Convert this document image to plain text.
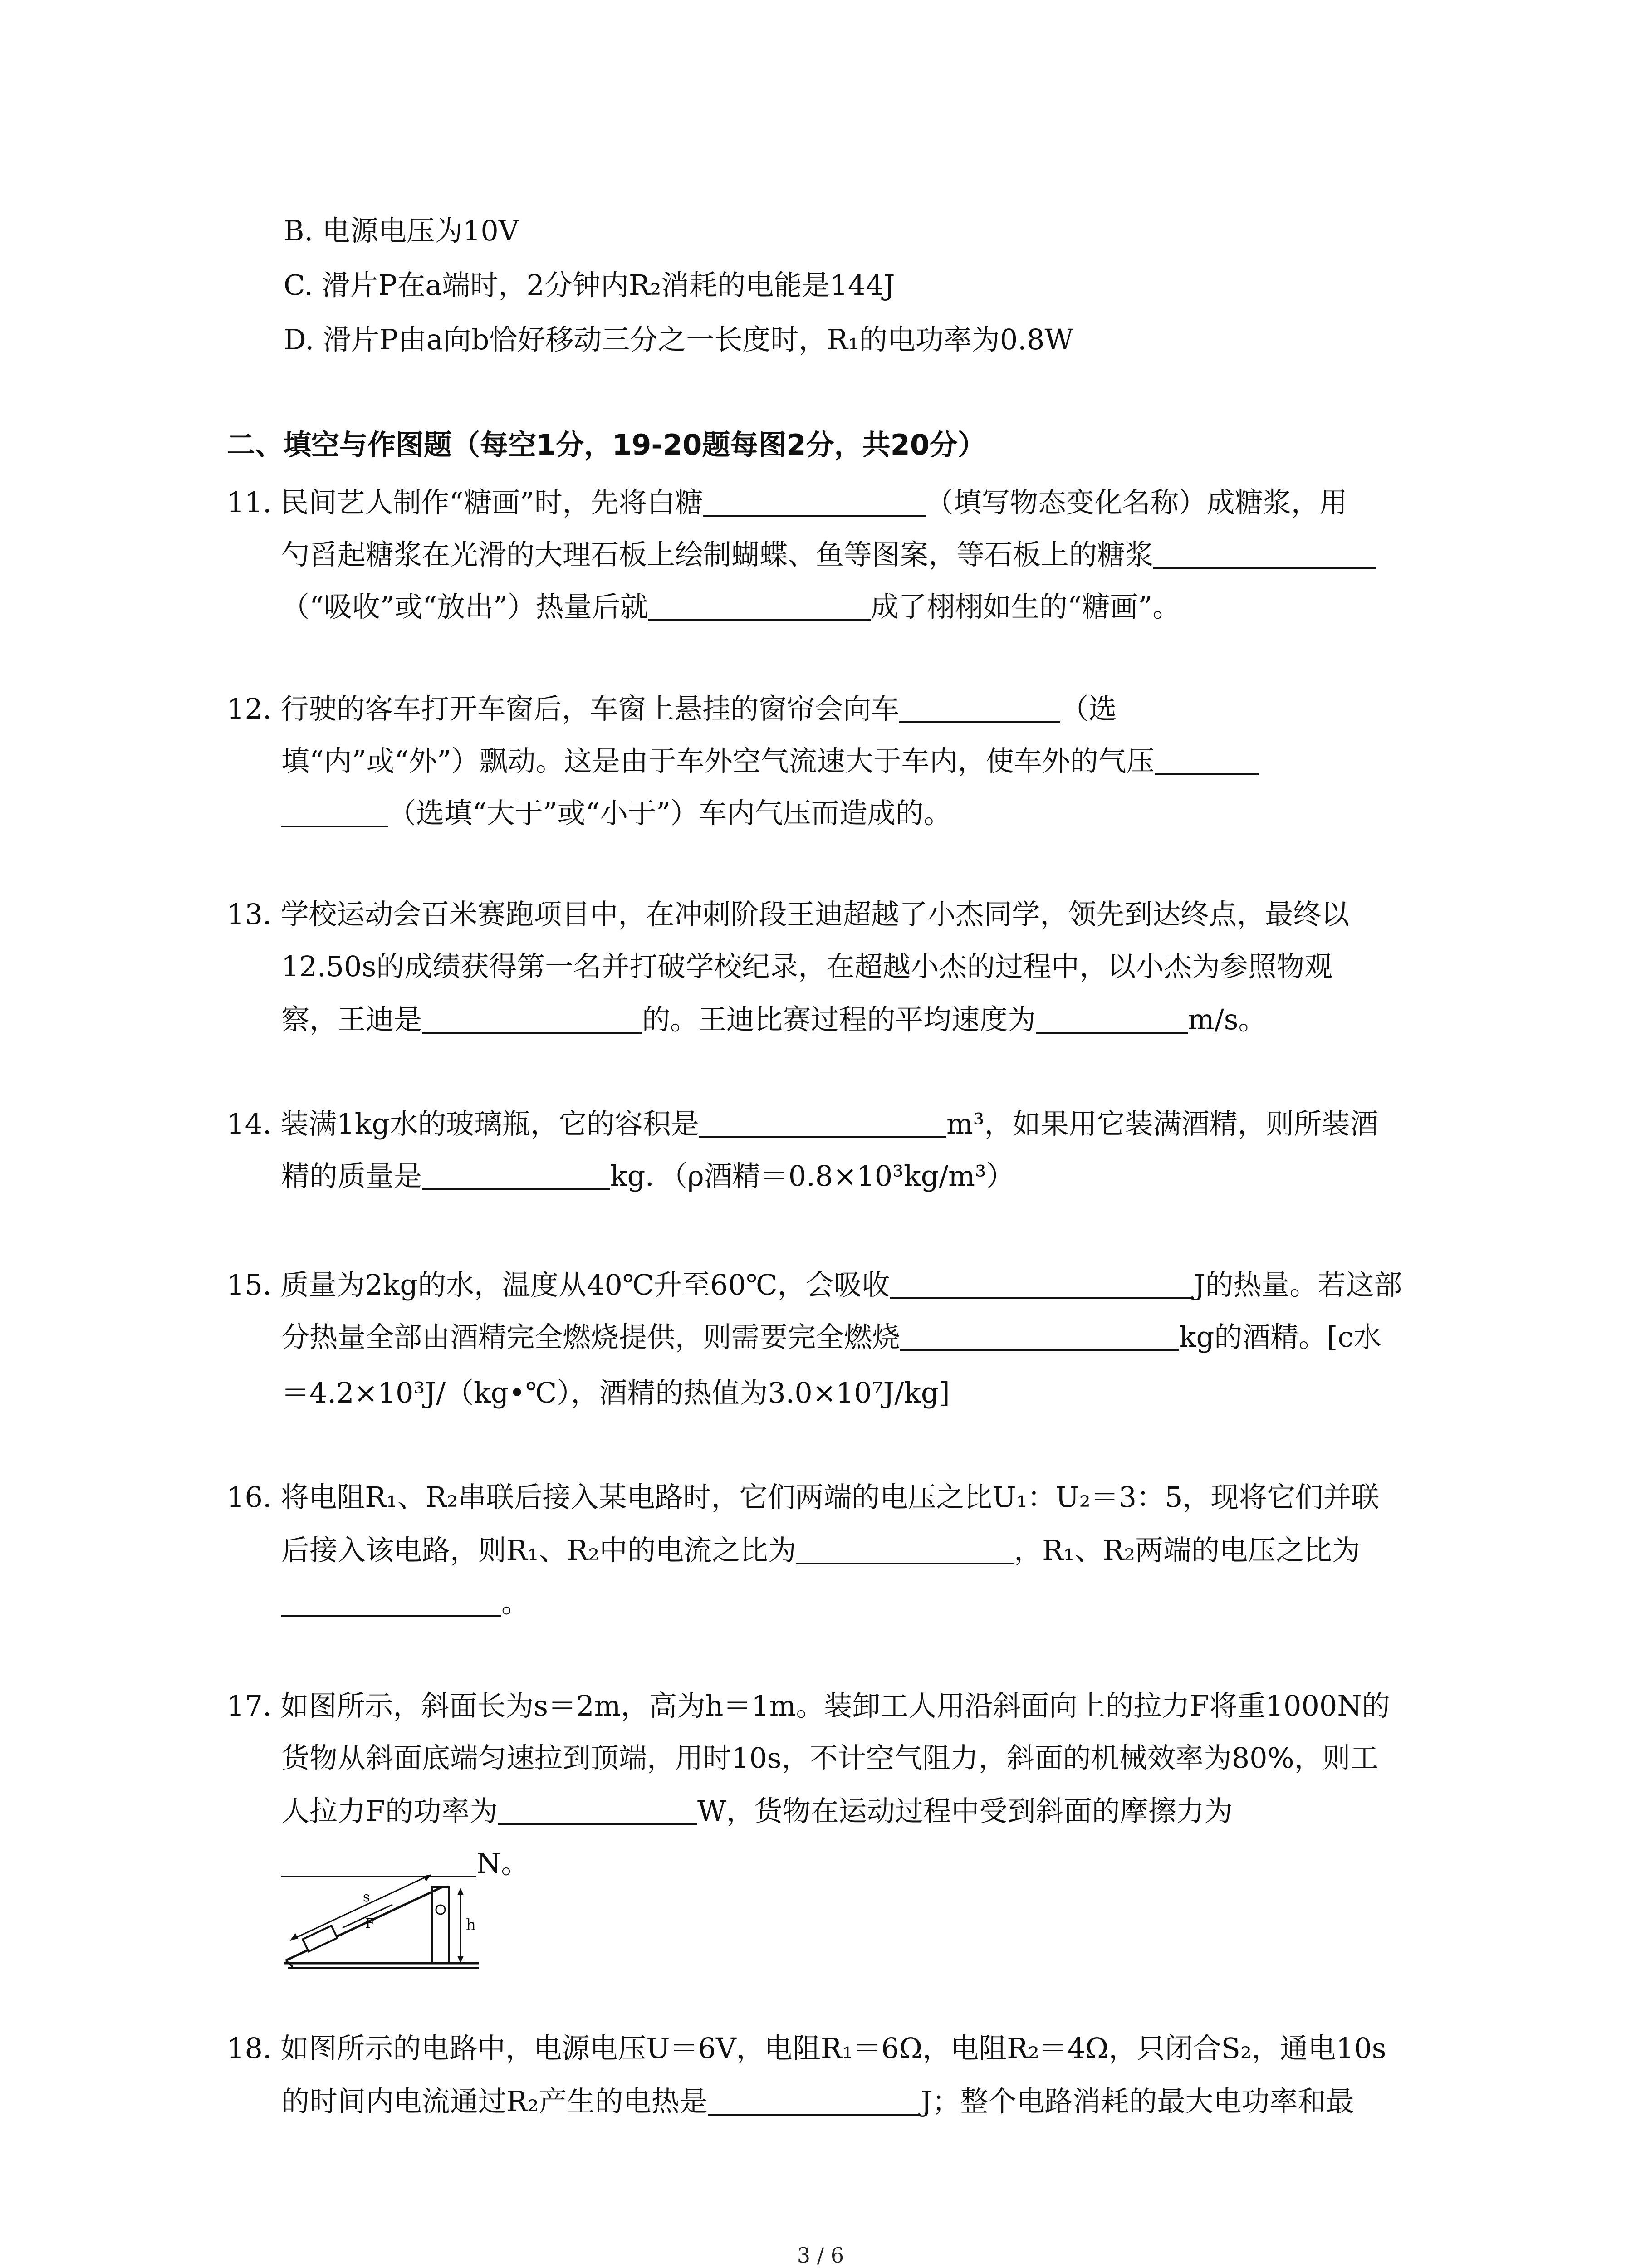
B. 电源电压为10V
C. 滑片P在a端时，2分钟内R₂消耗的电能是144J
D. 滑片P由a向b恰好移动三分之一长度时，R₁的电功率为0.8W
二、填空与作图题（每空1分，19-20题每图2分，共20分）
11. 民间艺人制作“糖画”时，先将白糖	（填写物态变化名称）成糖浆，用
勺舀起糖浆在光滑的大理石板上绘制蝴蝶、鱼等图案，等石板上的糖浆
（“吸收”或“放出”）热量后就	成了栩栩如生的“糖画”。
12. 行驶的客车打开车窗后，车窗上悬挂的窗帘会向车	（选
填“内”或“外”）飘动。这是由于车外空气流速大于车内，使车外的气压
（选填“大于”或“小于”）车内气压而造成的。
13. 学校运动会百米赛跑项目中，在冲刺阶段王迪超越了小杰同学，领先到达终点，最终以
12.50s的成绩获得第一名并打破学校纪录，在超越小杰的过程中，以小杰为参照物观
察，王迪是	的。王迪比赛过程的平均速度为	m/s。
14. 装满1kg水的玻璃瓶，它的容积是	m³，如果用它装满酒精，则所装酒
精的质量是	kg．（ρ酒精＝0.8×10³kg/m³）
15. 质量为2kg的水，温度从40℃升至60℃，会吸收	J的热量。若这部
分热量全部由酒精完全燃烧提供，则需要完全燃烧	kg的酒精。[c水
＝4.2×10³J/（kg•℃），酒精的热值为3.0×10⁷J/kg]
16. 将电阻R₁、R₂串联后接入某电路时，它们两端的电压之比U₁：U₂＝3：5，现将它们并联
后接入该电路，则R₁、R₂中的电流之比为	，R₁、R₂两端的电压之比为
。
17. 如图所示，斜面长为s＝2m，高为h＝1m。装卸工人用沿斜面向上的拉力F将重1000N的
货物从斜面底端匀速拉到顶端，用时10s，不计空气阻力，斜面的机械效率为80%，则工
人拉力F的功率为	W，货物在运动过程中受到斜面的摩擦力为
N。
h
s
F
18. 如图所示的电路中，电源电压U＝6V，电阻R₁＝6Ω，电阻R₂＝4Ω，只闭合S₂，通电10s
的时间内电流通过R₂产生的电热是	J；整个电路消耗的最大电功率和最
3 / 6
